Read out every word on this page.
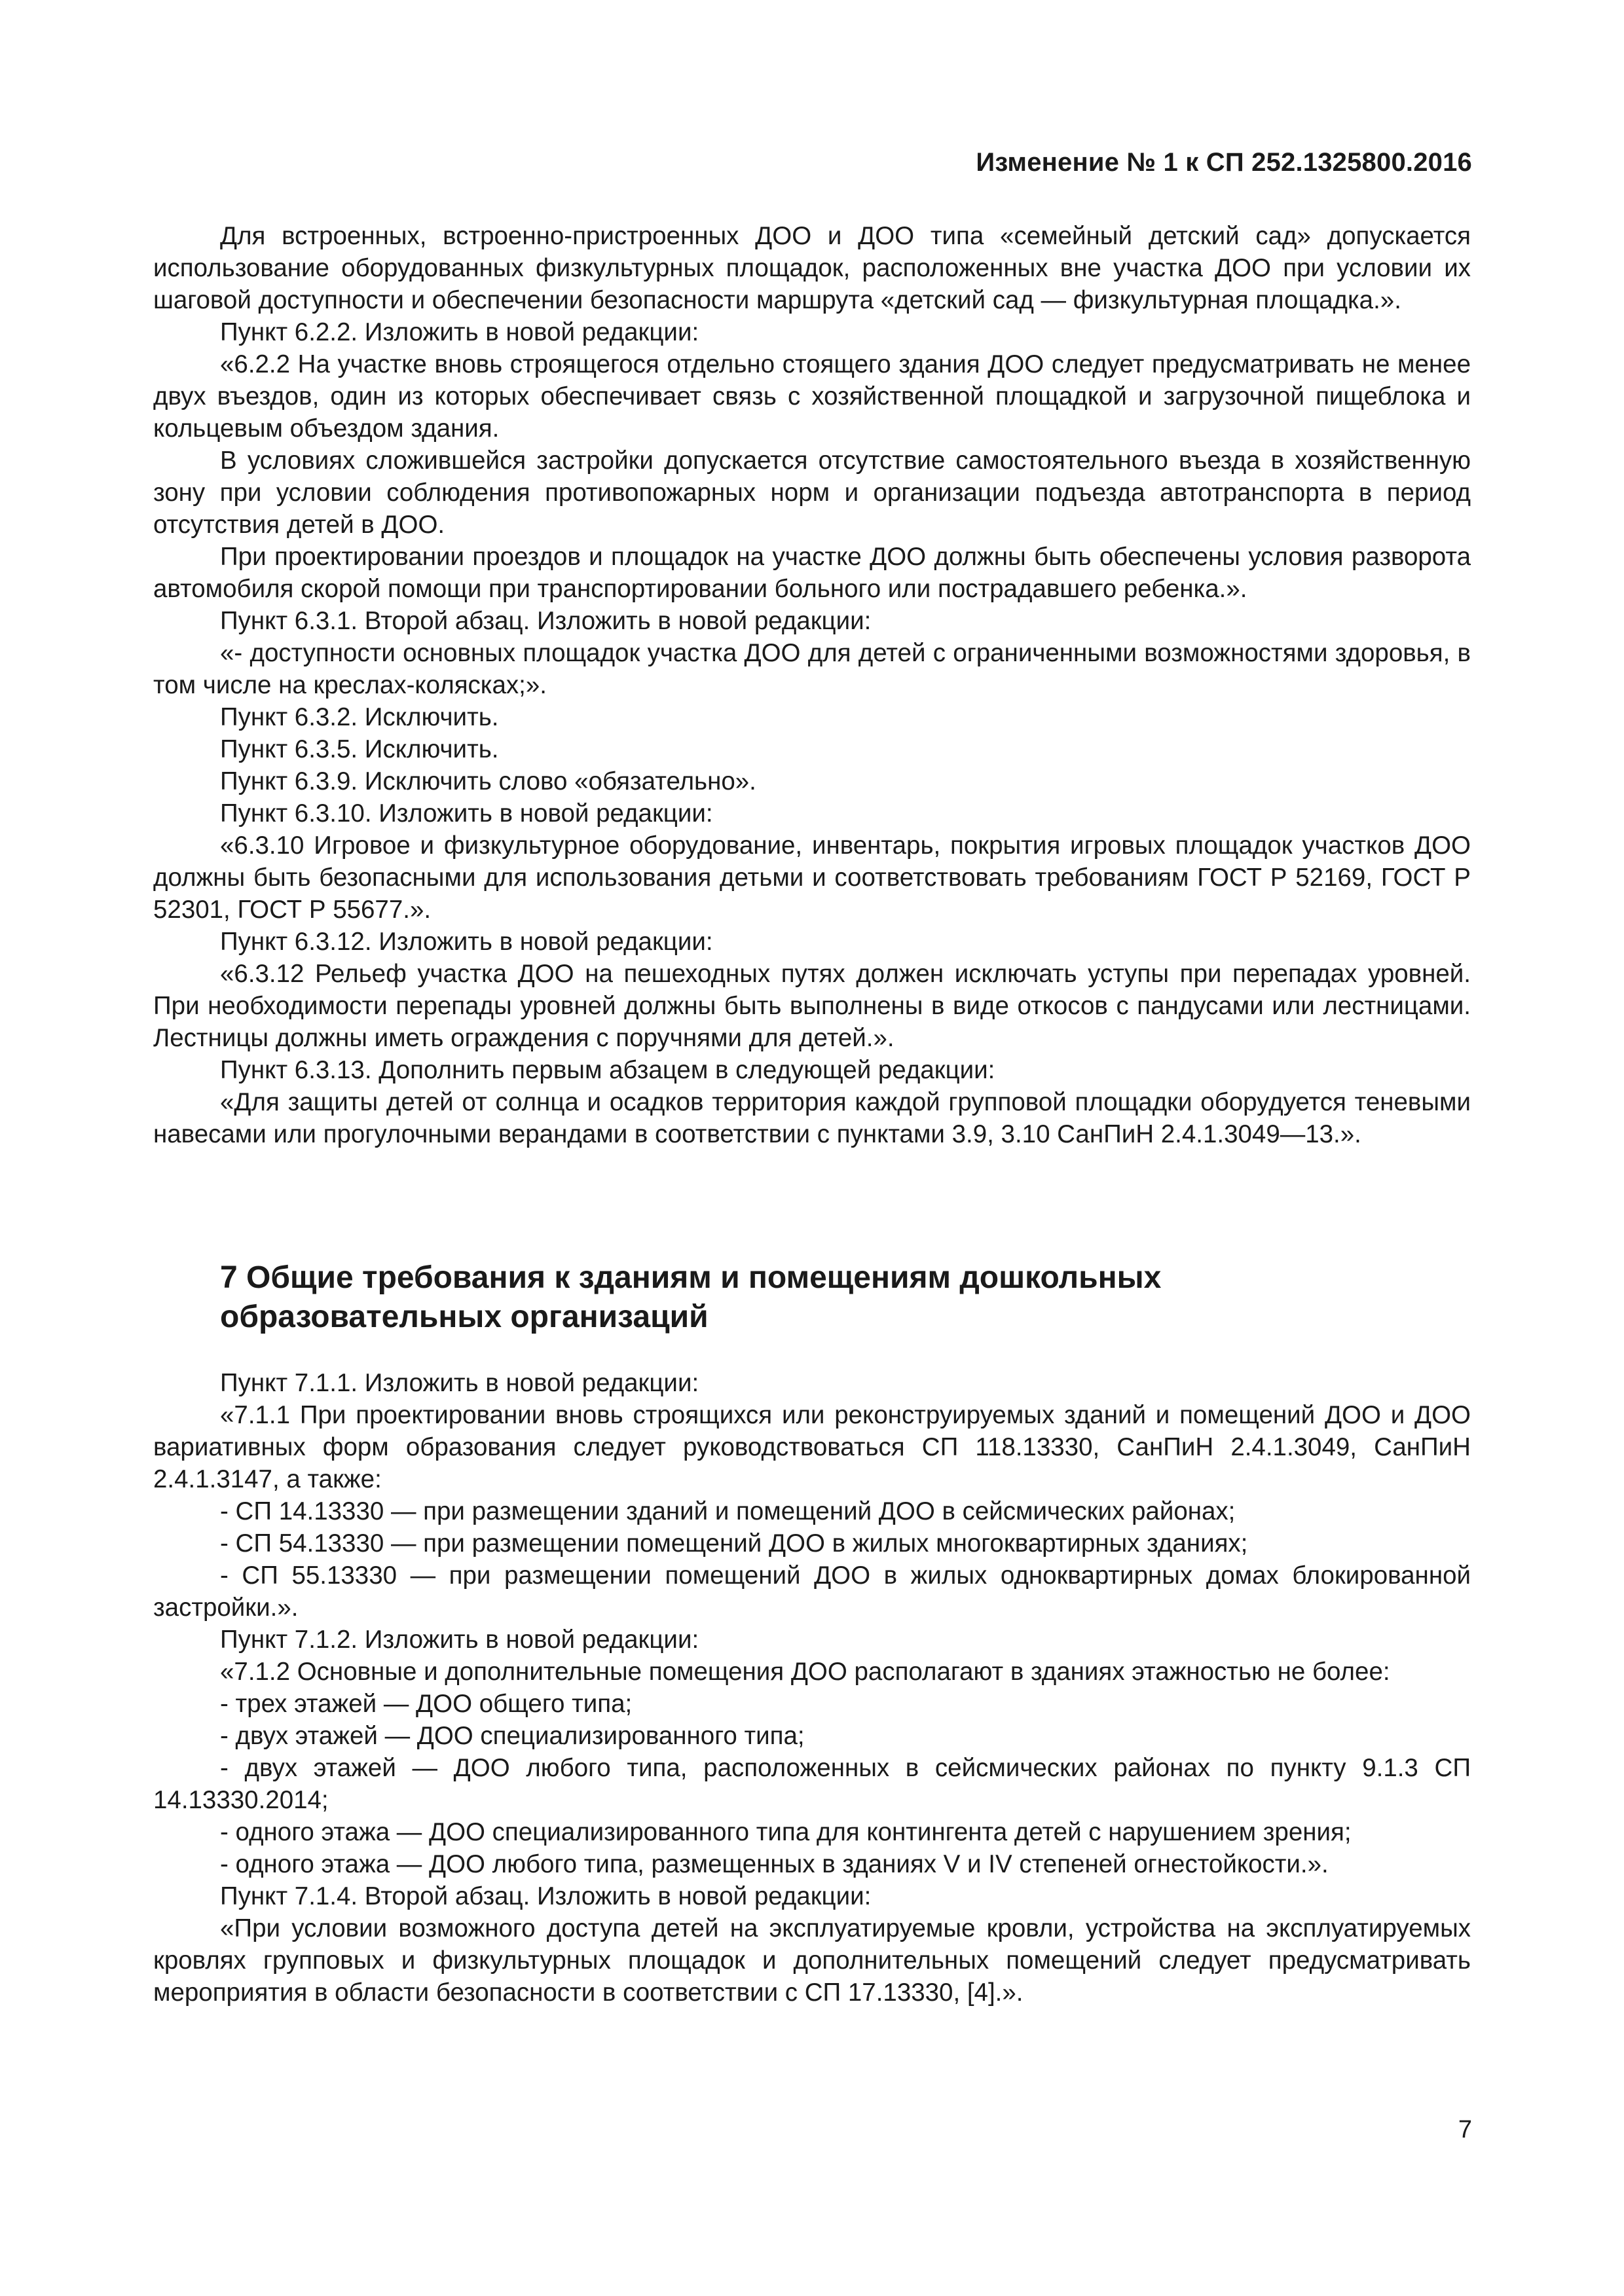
Изменение № 1 к СП 252.1325800.2016

Для встроенных, встроенно-пристроенных ДОО и ДОО типа «семейный детский сад» допускается использование оборудованных физкультурных площадок, расположенных вне участка ДОО при условии их шаговой доступности и обеспечении безопасности маршрута «детский сад — физкультурная площадка.».

Пункт 6.2.2. Изложить в новой редакции:

«6.2.2 На участке вновь строящегося отдельно стоящего здания ДОО следует предусматривать не менее двух въездов, один из которых обеспечивает связь с хозяйственной площадкой и загрузочной пищеблока и кольцевым объездом здания.

В условиях сложившейся застройки допускается отсутствие самостоятельного въезда в хозяйственную зону при условии соблюдения противопожарных норм и организации подъезда автотранспорта в период отсутствия детей в ДОО.

При проектировании проездов и площадок на участке ДОО должны быть обеспечены условия разворота автомобиля скорой помощи при транспортировании больного или пострадавшего ребенка.».

Пункт 6.3.1. Второй абзац. Изложить в новой редакции:

«- доступности основных площадок участка ДОО для детей с ограниченными возможностями здоровья, в том числе на креслах-колясках;».

Пункт 6.3.2. Исключить.

Пункт 6.3.5. Исключить.

Пункт 6.3.9. Исключить слово «обязательно».

Пункт 6.3.10. Изложить в новой редакции:

«6.3.10 Игровое и физкультурное оборудование, инвентарь, покрытия игровых площадок участков ДОО должны быть безопасными для использования детьми и соответствовать требованиям ГОСТ Р 52169, ГОСТ Р 52301, ГОСТ Р 55677.».

Пункт 6.3.12. Изложить в новой редакции:

«6.3.12 Рельеф участка ДОО на пешеходных путях должен исключать уступы при перепадах уровней. При необходимости перепады уровней должны быть выполнены в виде откосов с пандусами или лестницами. Лестницы должны иметь ограждения с поручнями для детей.».

Пункт 6.3.13. Дополнить первым абзацем в следующей редакции:

«Для защиты детей от солнца и осадков территория каждой групповой площадки оборудуется теневыми навесами или прогулочными верандами в соответствии с пунктами 3.9, 3.10 СанПиН 2.4.1.3049—13.».

7 Общие требования к зданиям и помещениям дошкольных

образовательных организаций

Пункт 7.1.1. Изложить в новой редакции:

«7.1.1 При проектировании вновь строящихся или реконструируемых зданий и помещений ДОО и ДОО вариативных форм образования следует руководствоваться СП 118.13330, СанПиН 2.4.1.3049, СанПиН 2.4.1.3147, а также:

- СП 14.13330 — при размещении зданий и помещений ДОО в сейсмических районах;

- СП 54.13330 — при размещении помещений ДОО в жилых многоквартирных зданиях;

- СП 55.13330 — при размещении помещений ДОО в жилых одноквартирных домах блокированной застройки.».

Пункт 7.1.2. Изложить в новой редакции:

«7.1.2 Основные и дополнительные помещения ДОО располагают в зданиях этажностью не более:

- трех этажей — ДОО общего типа;

- двух этажей — ДОО специализированного типа;

- двух этажей — ДОО любого типа, расположенных в сейсмических районах по пункту 9.1.3 СП 14.13330.2014;

- одного этажа — ДОО специализированного типа для контингента детей с нарушением зрения;

- одного этажа — ДОО любого типа, размещенных в зданиях V и IV степеней огнестойкости.».

Пункт 7.1.4. Второй абзац. Изложить в новой редакции:

«При условии возможного доступа детей на эксплуатируемые кровли, устройства на эксплуатируемых кровлях групповых и физкультурных площадок и дополнительных помещений следует предусматривать мероприятия в области безопасности в соответствии с СП 17.13330, [4].».

7
